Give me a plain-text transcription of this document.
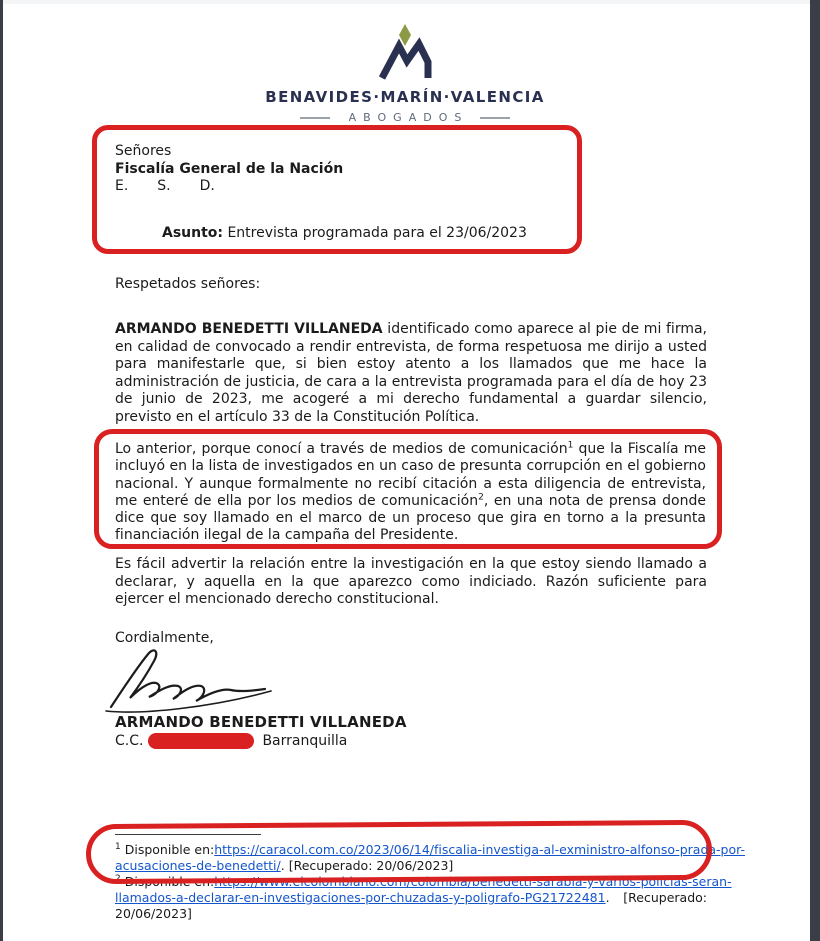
BENAVIDES·MARÍN·VALENCIA
ABOGADOS
Señores
Fiscalía General de la Nación
E. S. D.
Asunto: Entrevista programada para el 23/06/2023
Respetados señores:
ARMANDO BENEDETTI VILLANEDA identificado como aparece al pie de mi firma, en calidad de convocado a rendir entrevista, de forma respetuosa me dirijo a usted para manifestarle que, si bien estoy atento a los llamados que me hace la administración de justicia, de cara a la entrevista programada para el día de hoy 23 de junio de 2023, me acogeré a mi derecho fundamental a guardar silencio, previsto en el artículo 33 de la Constitución Política.
Lo anterior, porque conocí a través de medios de comunicación$^1$ que la Fiscalía me incluyó en la lista de investigados en un caso de presunta corrupción en el gobierno nacional. Y aunque formalmente no recibí citación a esta diligencia de entrevista, me enteré de ella por los medios de comunicación$^2$, en una nota de prensa donde dice que soy llamado en el marco de un proceso que gira en torno a la presunta financiación ilegal de la campaña del Presidente.
Es fácil advertir la relación entre la investigación en la que estoy siendo llamado a declarar, y aquella en la que aparezco como indiciado. Razón suficiente para ejercer el mencionado derecho constitucional.
Cordialmente,
ARMANDO BENEDETTI VILLANEDA
C.C.	Barranquilla
$^1$ Disponible en: https://caracol.com.co/2023/06/14/fiscalia-investiga-al-exministro-alfonso-prada-por-
acusaciones-de-benedetti/. [Recuperado: 20/06/2023]
$^2$ Disponible en: https://www.elcolombiano.com/colombia/benedetti-sarabia-y-varios-policias-seran-
llamados-a-declarar-en-investigaciones-por-chuzadas-y-poligrafo-PG21722481. [Recuperado:
20/06/2023]
